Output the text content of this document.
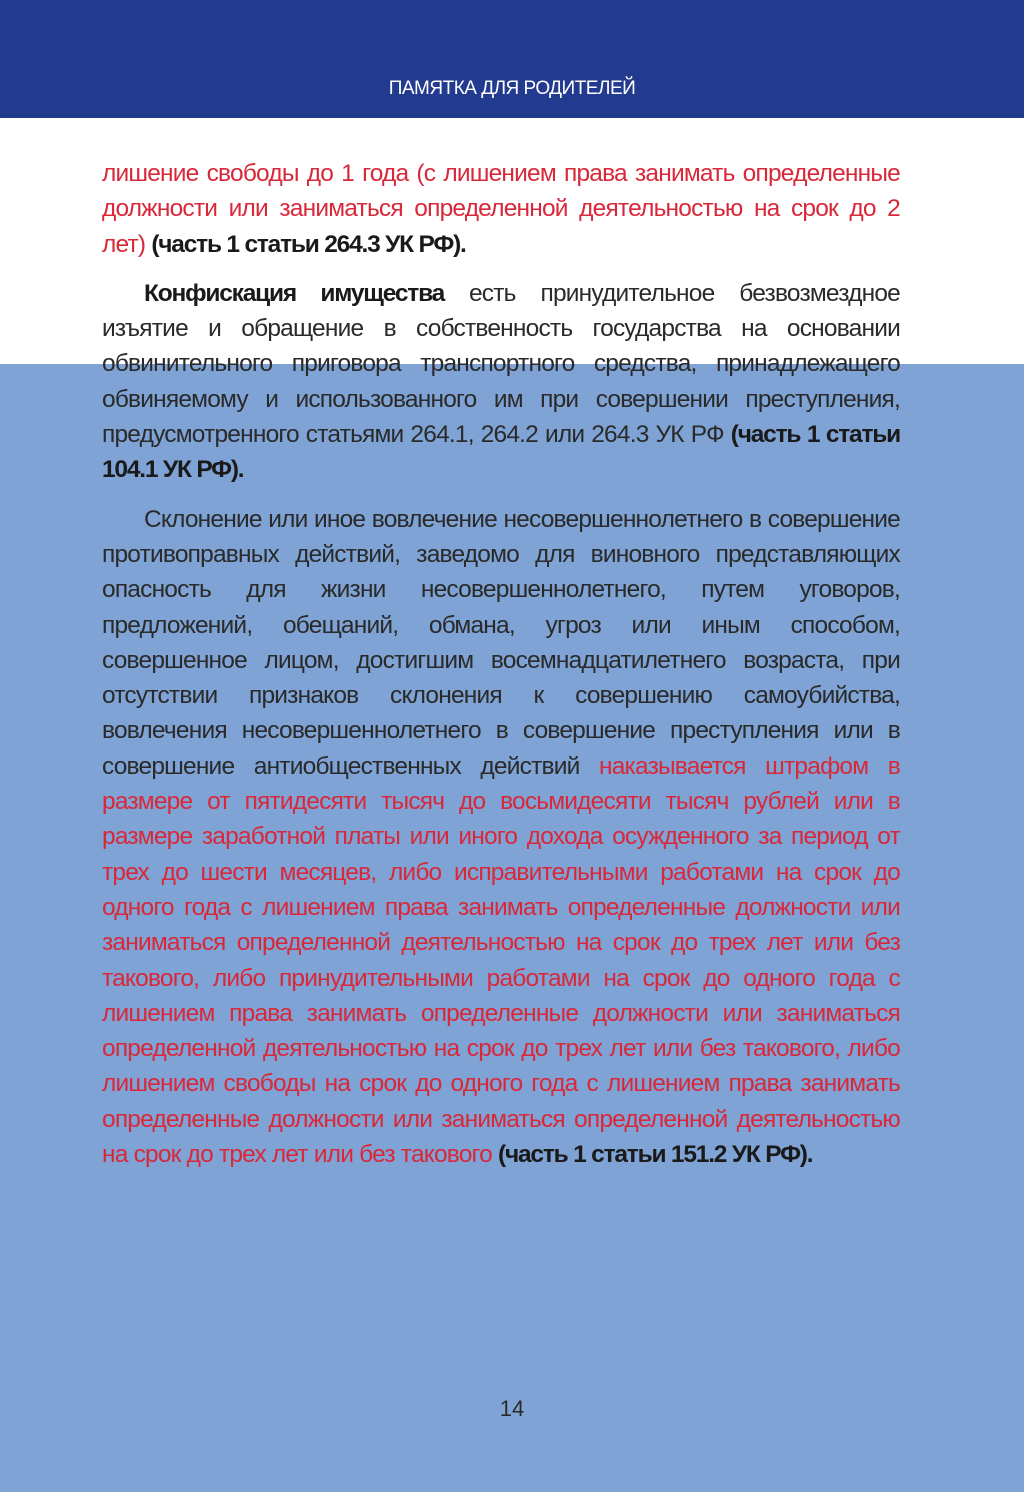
ПАМЯТКА ДЛЯ РОДИТЕЛЕЙ

лишение свободы до 1 года (с лишением права занимать определенные должности или заниматься определенной деятельностью на срок до 2 лет) (часть 1 статьи 264.3 УК РФ).

Конфискация имущества есть принудительное безвозмездное изъятие и обращение в собственность государства на основании обвинительного приговора транспортного средства, принадлежащего обвиняемому и использованного им при совершении преступления, предусмотренного статьями 264.1, 264.2 или 264.3 УК РФ (часть 1 статьи 104.1 УК РФ).

Склонение или иное вовлечение несовершеннолетнего в совершение противоправных действий, заведомо для виновного представляющих опасность для жизни несовершеннолетнего, путем уговоров, предложений, обещаний, обмана, угроз или иным способом, совершенное лицом, достигшим восемнадцатилетнего возраста, при отсутствии признаков склонения к совершению самоубийства, вовлечения несовершеннолетнего в совершение преступления или в совершение антиобщественных действий наказывается штрафом в размере от пятидесяти тысяч до восьмидесяти тысяч рублей или в размере заработной платы или иного дохода осужденного за период от трех до шести месяцев, либо исправительными работами на срок до одного года с лишением права занимать определенные должности или заниматься определенной деятельностью на срок до трех лет или без такового, либо принудительными работами на срок до одного года с лишением права занимать определенные должности или заниматься определенной деятельностью на срок до трех лет или без такового, либо лишением свободы на срок до одного года с лишением права занимать определенные должности или заниматься определенной деятельностью на срок до трех лет или без такового (часть 1 статьи 151.2 УК РФ).

14
